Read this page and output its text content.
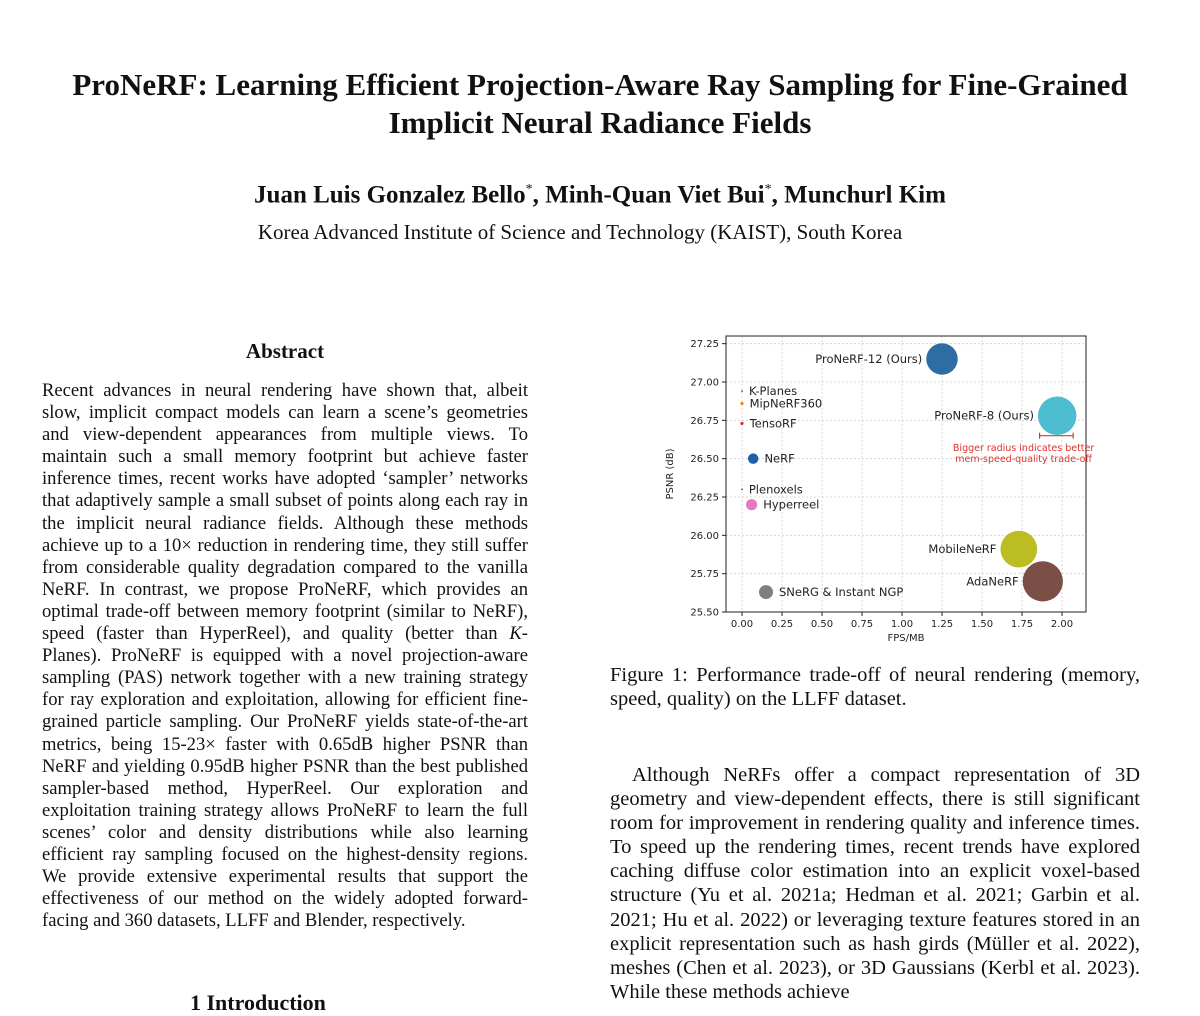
ProNeRF: Learning Efficient Projection-Aware Ray Sampling for Fine-Grained Implicit Neural Radiance Fields
Juan Luis Gonzalez Bello*, Minh-Quan Viet Bui*, Munchurl Kim
Korea Advanced Institute of Science and Technology (KAIST), South Korea
Abstract
Recent advances in neural rendering have shown that, albeit slow, implicit compact models can learn a scene’s geometries and view-dependent appearances from multiple views. To maintain such a small memory footprint but achieve faster inference times, recent works have adopted ‘sampler’ networks that adaptively sample a small subset of points along each ray in the implicit neural radiance fields. Although these methods achieve up to a 10× reduction in rendering time, they still suffer from considerable quality degradation compared to the vanilla NeRF. In contrast, we propose ProNeRF, which provides an optimal trade-off between memory footprint (similar to NeRF), speed (faster than HyperReel), and quality (better than K-Planes). ProNeRF is equipped with a novel projection-aware sampling (PAS) network together with a new training strategy for ray exploration and exploitation, allowing for efficient fine-grained particle sampling. Our ProNeRF yields state-of-the-art metrics, being 15-23× faster with 0.65dB higher PSNR than NeRF and yielding 0.95dB higher PSNR than the best published sampler-based method, HyperReel. Our exploration and exploitation training strategy allows ProNeRF to learn the full scenes’ color and density distributions while also learning efficient ray sampling focused on the highest-density regions. We provide extensive experimental results that support the effectiveness of our method on the widely adopted forward-facing and 360 datasets, LLFF and Blender, respectively.
1 Introduction
0.00 0.25 0.50 0.75 1.00 1.25 1.50 1.75 2.00
25.50
25.75
26.00
26.25
26.50
26.75
27.00
27.25
FPS/MB
PSNR (dB)
ProNeRF-12 (Ours)
ProNeRF-8 (Ours)
K-Planes
MipNeRF360
TensoRF
NeRF
Plenoxels
Hyperreel
MobileNeRF
AdaNeRF
SNeRG & Instant NGP
Bigger radius indicates better
mem-speed-quality trade-off
Figure 1: Performance trade-off of neural rendering (memory, speed, quality) on the LLFF dataset.
Although NeRFs offer a compact representation of 3D geometry and view-dependent effects, there is still significant room for improvement in rendering quality and inference times. To speed up the rendering times, recent trends have explored caching diffuse color estimation into an explicit voxel-based structure (Yu et al. 2021a; Hedman et al. 2021; Garbin et al. 2021; Hu et al. 2022) or leveraging texture features stored in an explicit representation such as hash girds (Müller et al. 2022), meshes (Chen et al. 2023), or 3D Gaussians (Kerbl et al. 2023). While these methods achieve
